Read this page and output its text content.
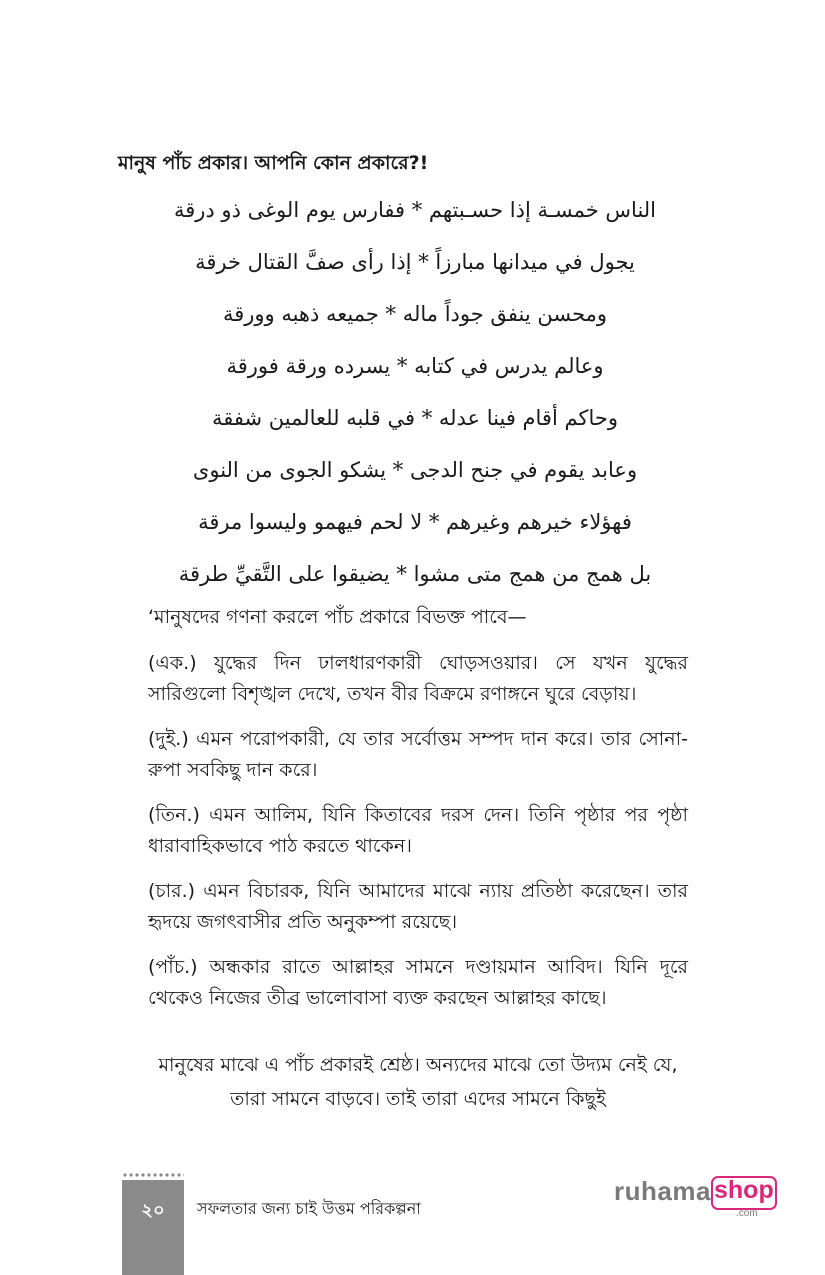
মানুষ পাঁচ প্রকার। আপনি কোন প্রকারে?!
الناس خمسـة إذا حسـبتهم * ففارس يوم الوغى ذو درقة
يجول في ميدانها مبارزاً * إذا رأى صفَّ القتال خرقة
ومحسن ينفق جوداً ماله * جميعه ذهبه وورقة
وعالم يدرس في كتابه * يسرده ورقة فورقة
وحاكم أقام فينا عدله * في قلبه للعالمين شفقة
وعابد يقوم في جنح الدجى * يشكو الجوى من النوى
فهؤلاء خيرهم وغيرهم * لا لحم فيهمو وليسوا مرقة
بل همج من همج متى مشوا * يضيقوا على التَّقيِّ طرقة
‘মানুষদের গণনা করলে পাঁচ প্রকারে বিভক্ত পাবে—

(এক.) যুদ্ধের দিন ঢালধারণকারী ঘোড়সওয়ার। সে যখন যুদ্ধের সারিগুলো বিশৃঙ্খল দেখে, তখন বীর বিক্রমে রণাঙ্গনে ঘুরে বেড়ায়।

(দুই.) এমন পরোপকারী, যে তার সর্বোত্তম সম্পদ দান করে। তার সোনা-রুপা সবকিছু দান করে।

(তিন.) এমন আলিম, যিনি কিতাবের দরস দেন। তিনি পৃষ্ঠার পর পৃষ্ঠা ধারাবাহিকভাবে পাঠ করতে থাকেন।

(চার.) এমন বিচারক, যিনি আমাদের মাঝে ন্যায় প্রতিষ্ঠা করেছেন। তার হৃদয়ে জগৎবাসীর প্রতি অনুকম্পা রয়েছে।

(পাঁচ.) অন্ধকার রাতে আল্লাহর সামনে দণ্ডায়মান আবিদ। যিনি দূরে থেকেও নিজের তীব্র ভালোবাসা ব্যক্ত করছেন আল্লাহর কাছে।

মানুষের মাঝে এ পাঁচ প্রকারই শ্রেষ্ঠ। অন্যদের মাঝে তো উদ্যম নেই যে, তারা সামনে বাড়বে। তাই তারা এদের সামনে কিছুই
২০	সফলতার জন্য চাই উত্তম পরিকল্পনা
ruhama shop
.com
